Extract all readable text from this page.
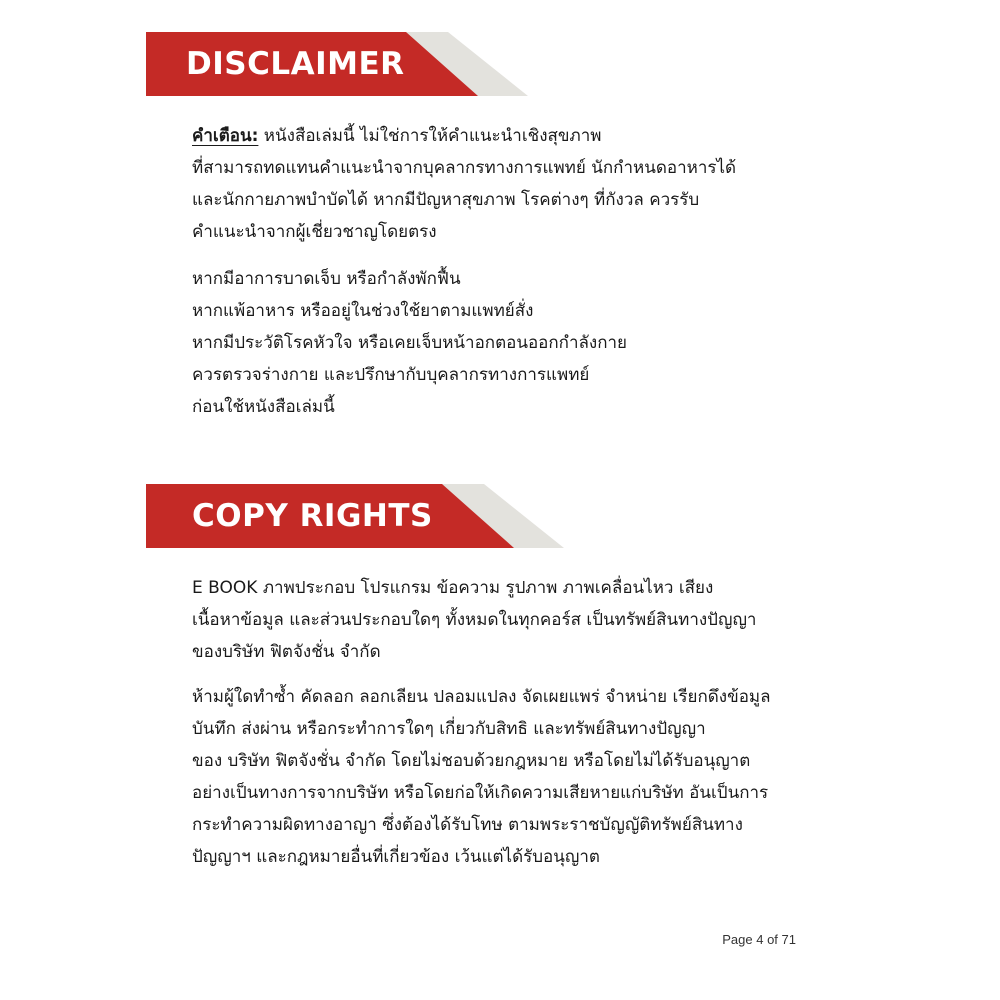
DISCLAIMER
คำเตือน: หนังสือเล่มนี้ ไม่ใช่การให้คำแนะนำเชิงสุขภาพ
ที่สามารถทดแทนคำแนะนำจากบุคลากรทางการแพทย์ นักกำหนดอาหารได้
และนักกายภาพบำบัดได้ หากมีปัญหาสุขภาพ โรคต่างๆ ที่กังวล ควรรับ
คำแนะนำจากผู้เชี่ยวชาญโดยตรง
หากมีอาการบาดเจ็บ หรือกำลังพักฟื้น
หากแพ้อาหาร หรืออยู่ในช่วงใช้ยาตามแพทย์สั่ง
หากมีประวัติโรคหัวใจ หรือเคยเจ็บหน้าอกตอนออกกำลังกาย
ควรตรวจร่างกาย และปรึกษากับบุคลากรทางการแพทย์
ก่อนใช้หนังสือเล่มนี้
COPY RIGHTS
E BOOK ภาพประกอบ โปรแกรม ข้อความ รูปภาพ ภาพเคลื่อนไหว เสียง
เนื้อหาข้อมูล และส่วนประกอบใดๆ ทั้งหมดในทุกคอร์ส เป็นทรัพย์สินทางปัญญา
ของบริษัท ฟิตจังชั่น จำกัด
ห้ามผู้ใดทำซ้ำ คัดลอก ลอกเลียน ปลอมแปลง จัดเผยแพร่ จำหน่าย เรียกดึงข้อมูล
บันทึก ส่งผ่าน หรือกระทำการใดๆ เกี่ยวกับสิทธิ และทรัพย์สินทางปัญญา
ของ บริษัท ฟิตจังชั่น จำกัด โดยไม่ชอบด้วยกฎหมาย หรือโดยไม่ได้รับอนุญาต
อย่างเป็นทางการจากบริษัท หรือโดยก่อให้เกิดความเสียหายแก่บริษัท อันเป็นการ
กระทำความผิดทางอาญา ซึ่งต้องได้รับโทษ ตามพระราชบัญญัติทรัพย์สินทาง
ปัญญาฯ และกฎหมายอื่นที่เกี่ยวข้อง เว้นแต่ได้รับอนุญาต
Page 4 of 71
